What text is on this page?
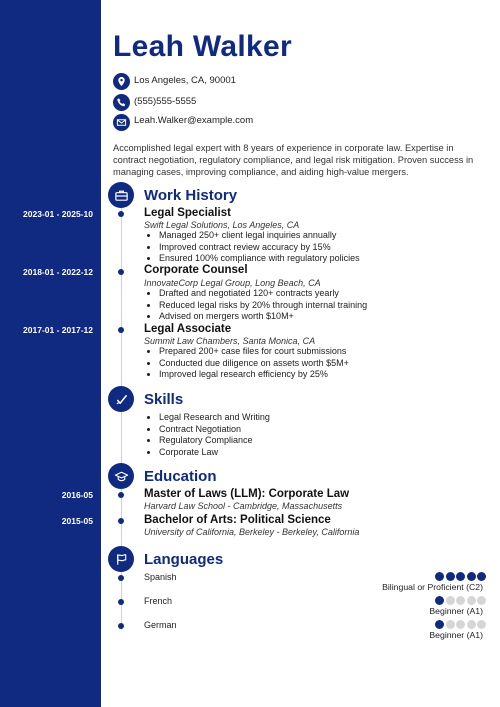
Leah Walker
Los Angeles, CA, 90001
(555)555-5555
Leah.Walker@example.com
Accomplished legal expert with 8 years of experience in corporate law. Expertise in contract negotiation, regulatory compliance, and legal risk mitigation. Proven success in managing cases, improving compliance, and aiding high-value mergers.
Work History
2023-01 - 2025-10	Legal Specialist
Swift Legal Solutions, Los Angeles, CA
• Managed 250+ client legal inquiries annually
• Improved contract review accuracy by 15%
• Ensured 100% compliance with regulatory policies
2018-01 - 2022-12	Corporate Counsel
InnovateCorp Legal Group, Long Beach, CA
• Drafted and negotiated 120+ contracts yearly
• Reduced legal risks by 20% through internal training
• Advised on mergers worth $10M+
2017-01 - 2017-12	Legal Associate
Summit Law Chambers, Santa Monica, CA
• Prepared 200+ case files for court submissions
• Conducted due diligence on assets worth $5M+
• Improved legal research efficiency by 25%
Skills
• Legal Research and Writing
• Contract Negotiation
• Regulatory Compliance
• Corporate Law
Education
2016-05	Master of Laws (LLM): Corporate Law
Harvard Law School - Cambridge, Massachusetts
2015-05	Bachelor of Arts: Political Science
University of California, Berkeley - Berkeley, California
Languages
Spanish
Bilingual or Proficient (C2)
French
Beginner (A1)
German
Beginner (A1)
